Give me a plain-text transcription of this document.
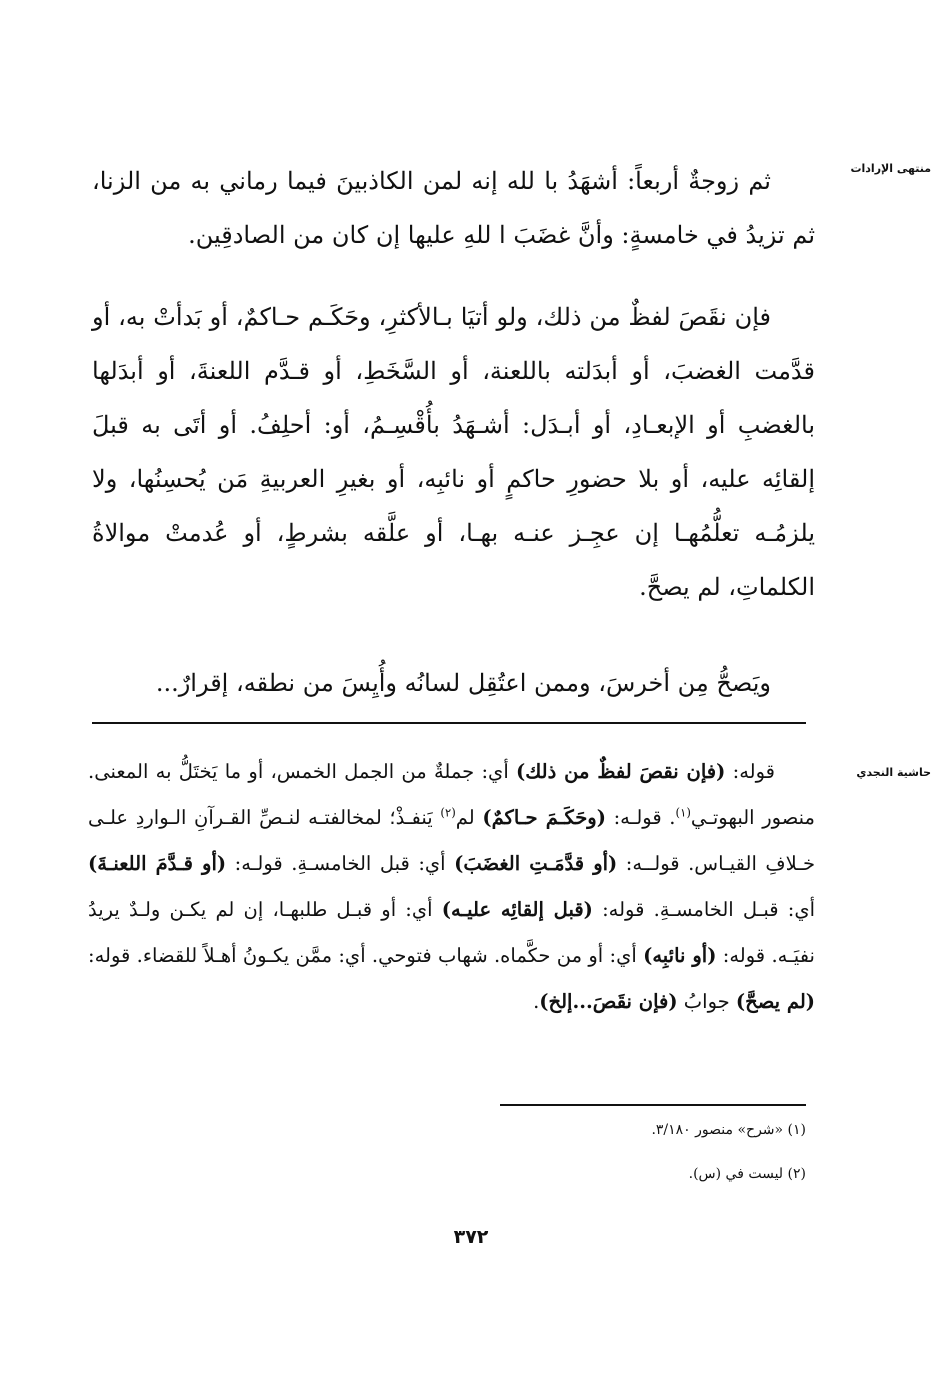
منتهى الإرادات

ثم زوجةٌ أربعاً: أشهَدُ با لله إنه لمن الكاذبينَ فيما رماني به من الزنا، ثم تزيدُ في خامسةٍ: وأنَّ غضَبَ ا للهِ عليها إن كان من الصادقِين.

فإن نقَصَ لفظٌ من ذلك، ولو أتيَا بـالأكثرِ، وحَكَـم حـاكمٌ، أو بَدأتْ به، أو قدَّمت الغضبَ، أو أبدَلته باللعنة، أو السَّخَطِ، أو قـدَّم اللعنةَ، أو أبدَلها بالغضبِ أو الإبعـادِ، أو أبـدَل: أشـهَدُ بأُقْسِـمُ، أو: أحلِفُ. أو أتَى به قبلَ إلقائِه عليه، أو بلا حضورِ حاكمٍ أو نائبِه، أو بغيرِ العربيةِ مَن يُحسِنُها، ولا يلزمُـه تعلُّمُهـا إن عجِـز عنـه بهـا، أو علَّقه بشرطٍ، أو عُدمتْ موالاةُ الكلماتِ، لم يصحَّ.

ويَصحُّ مِن أخرسَ، وممن اعتُقِل لسانُه وأُيِسَ من نطقه، إقرارٌ...

حاشية النجدي

قوله: (فإن نقصَ لفظٌ من ذلك) أي: جملةٌ من الجمل الخمس، أو ما يَختَلُّ به المعنى. منصور البهوتـي$^{(١)}$. قولـه: (وحَكَـمَ حـاكمٌ) لم$^{(٢)}$ يَنفـذْ؛ لمخالفتـه لنـصِّ القـرآنِ الـواردِ علـى خـلافِ القيـاس. قولــه: (أو قدَّمَـتِ الغضَبَ) أي: قبل الخامسـةِ. قولـه: (أو قـدَّمَ اللعنـةَ) أي: قبـل الخامسـةِ. قوله: (قبل إلقائِه عليـه) أي: أو قبـل طلبهـا، إن لم يكـن ولـدٌ يريدُ نفيَـه. قوله: (أو نائبِه) أي: أو من حكَّماه. شهاب فتوحي. أي: ممَّن يكـونُ أهـلاً للقضاء. قوله: (لم يصحَّ) جوابُ (فإن نقَصَ...إلخ).

(١) «شرح» منصور ٣/١٨٠.

(٢) ليست في (س).

٣٧٢
